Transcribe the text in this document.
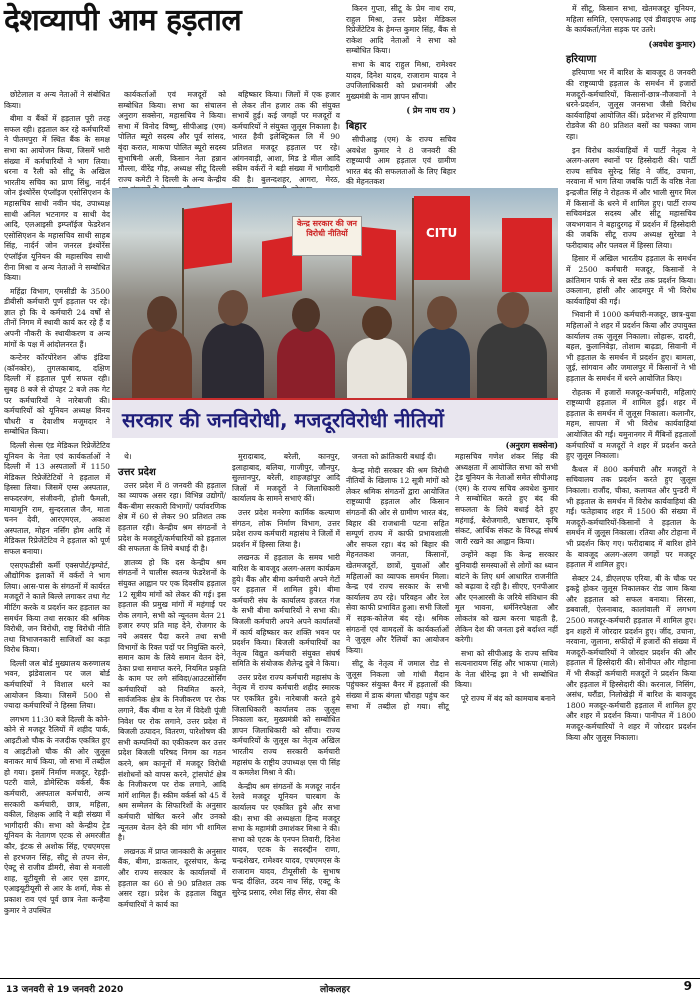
देशव्यापी आम हड़ताल

छोटेलाल व अन्य नेताओं ने संबोधित किया।

बीमा व बैंकों में हड़ताल पूरी तरह सफल रही। हड़ताल कर रहे कर्मचारियों ने पीतमपुरा में स्थित बैंक के समक्ष सभा का आयोजन किया, जिसमें भारी संख्या में कर्मचारियों ने भाग लिया। धरना व रैली को सीटू के अखिल भारतीय सचिव का प्राण सिंधु, नार्दर्न जोन इंश्योरेंस एंप्लॉइज एसोसिएशन के महासचिव साथी नवीन चंद, उपाध्यक्ष साथी अनिल भटनागर व साथी वेद आदि, एलआइसी इम्प्लॉईज फेडरेशन एसोसिएशन के महासचिव साथी साहब सिंह, नार्दर्न जोन जनरल इंश्योरेंस एंप्लॉईज यूनियन की महासचिव साथी रीना मिश्रा व अन्य नेताओं ने सम्बोधित किया।

महिंद्रा विभाग, एमसीडी के 3500 डीबीसी कर्मचारी पूर्ण हड़ताल पर रहे। ज्ञात हो कि ये कर्मचारी 24 वर्षों से तीनों निगम में स्थायी कार्य कर रहे हैं व अपनी नौकरी के स्थायीकरण व अन्य मांगों के पक्ष में आंदोलनरत हैं।

कन्टेनर कॉरपोरेशन ऑफ इंडिया (कॉनकोर), तुगलकाबाद, दक्षिण दिल्ली में हड़ताल पूर्ण सफल रही। सुबह 8 बजे से दोपहर 2 बजे तक गेट पर कर्मचारियों ने नारेबाजी की। कर्मचारियों को यूनियन अध्यक्ष विनय चौधरी व देवाशीष मजूमदार ने सम्बोधित किया।

दिल्ली सेल्स एंड मेडिकल रिप्रेजेंटेटिव यूनियन के नेता एवं कार्यकर्ताओं ने दिल्ली में 13 अस्पतालों में 1150 मेडिकल रिप्रेजेंटेटिवों ने हड़ताल में हिस्सा लिया। जिसमें एम्स अस्पताल, सफदरजंग, संजीवनी, होली फैमली, मायामूनि राम, सुन्दरलाल जैन, माता चनन देवी, आरएमएल, अकाश अस्पताल, मोहन नर्सिंग होम आदि में मेडिकल रिप्रेजेंटेटिव ने हड़ताल को पूर्ण सफल बनाया।

एसएफडीसी कर्मी एक्सपोर्ट/इम्पोर्ट, औद्योगिक इलाकों में वर्करों ने भाग लिया। आस-पास के संगठनों में कार्यरत मजदूरों ने काले बिल्ले लगाकर तथा गेट मीटिंग करके व प्रदर्शन कर हड़ताल का समर्थन किया तथा सरकार की श्रमिक विरोधी, जन विरोधी, राष्ट्र विरोधी नीति तथा विभाजनकारी साजिशों का कड़ा विरोध किया।

दिल्ली जल बोर्ड मुख्यालय करुणालय भवन, झंडेवालान पर जल बोर्ड कर्मचारियों ने विशाल धरने का आयोजन किया। जिसमें 500 से ज्यादा कर्मचारियों ने हिस्सा लिया।

लगभग 11:30 बजे दिल्ली के कोने-कोने से मजदूर रैलियों में शहीद पार्क, आइटीओ चौक के नजदीक एकत्रित हुए व आइटीओ चौक की ओर जुलूस बनाकर मार्च किया, जो सभा में तब्दील हो गया। इसमें निर्माण मजदूर, रेहड़ी-पटरी वाले, डोमेस्टिक वर्कर्स, बैंक कर्मचारी, अस्पताल कर्मचारी, अन्य सरकारी कर्मचारी, छात्र, महिला, वकील, शिक्षक आदि ने बड़ी संख्या में भागीदारी की। सभा को केन्द्रीय ट्रेड यूनियन के नेतागण एटक से अमरजीत कौर, इंटक से अशोक सिंह, एचएमएस से हरभजन सिंह, सीटू से तपन सेन, ऐक्टू से राजीव डीमरी, सेवा से मनाली शाह, यूटीयूसी से आर एस डागर, एआइयूटीयूसी से आर के शर्मा, मेक से प्रकाश राव एवं पूर्व छात्र नेता कन्हैया कुमार ने उपस्थित

कार्यकर्ताओं एवं मजदूरों को सम्बोधित किया। सभा का संचालन अनुराग सक्सेना, महासचिव ने किया। सभा में विनोद विष्णु, सीपीआइ (एम) पोलित ब्यूरो सदस्य और पूर्व सांसद, बृंदा करात, माकपा पोलित ब्यूरो सदस्य सुभाषिनी अली, किसान नेता हन्नान मौल्ला, वीरेंद्र गौड़, अध्यक्ष सीटू दिल्ली राज्य कमेटी ने दिल्ली के अन्य केन्द्रीय

बहिष्कार किया। जिलों में एक हजार से लेकर तीन हजार तक की संयुक्त सभायें हुई। कई जगहों पर मजदूरों व कर्मचारियों ने संयुक्त जुलूस निकाला है। भारत हैवी इलेक्ट्रिकल लि में 90 प्रतिशत मजदूर हड़ताल पर रहे। आंगनवाड़ी, आशा, मिड डे मील आदि स्कीम वर्करों ने बड़ी संख्या में भागीदारी की है। बुलन्दशहर, आगरा, मेरठ,

किरन गुप्ता, सीटू के प्रेम नाथ राय, राहुल मिश्रा, उत्तर प्रदेश मेडिकल रिप्रेजेंटेटिव के हेमन्त कुमार सिंह, बैंक से राकेश आदि नेताओं ने सभा को सम्बोधित किया।

सभा के बाद राहुल मिश्रा, रामेश्वर यादव, दिनेश यादव, राजाराम यादव ने उपजिलाधिकारी को प्रधानमंत्री और मुख्यमंत्री के नाम ज्ञापन सौंपा।

( प्रेम नाथ राय )
बिहार

सीपीआइ (एम) के राज्य सचिव अवधेश कुमार ने 8 जनवरी की राष्ट्रव्यापी आम हड़ताल एवं ग्रामीण भारत बंद की सफलताओं के लिए बिहार की मेहनतकश

में सीटू, किसान सभा, खेतमजदूर यूनियन, महिला समिति, एसएफआइ एवं डीवाइएफ आइ के कार्यकर्ता/नेता सड़क पर उतरे।

(अवधेश कुमार)
हरियाणा

हरियाणा भर में बारिश के बावजूद 8 जनवरी की राष्ट्रव्यापी हड़ताल के समर्थन में हजारों मजदूरों-कर्मचारियों, किसानों-छात्र-नौजवानों ने धरने-प्रदर्शन, जुलूस जनसभा जैसी विरोध कार्यवाहियां आयोजित कीं। प्रदेशभर में हरियाणा रोडवेज की 80 प्रतिशत बसों का चक्का जाम रहा।

इन विरोध कार्यवाहियों में पार्टी नेतृत्व ने अलग-अलग स्थानों पर हिस्सेदारी की। पार्टी राज्य सचिव सुरेन्द्र सिंह ने जींद, उचाना, नरवाना में भाग लिया जबकि पार्टी के वरिष्ठ नेता इन्द्रजीत सिंह ने रोहतक में और भाली सुगर मिल में किसानों के धरने में शामिल हुए। पार्टी राज्य सचिवमंडल सदस्य और सीटू महासचिव जयभगवान ने बहादुरगढ़ में प्रदर्शन में हिस्सेदारी की जबकि सीटू राज्य अध्यक्ष सुरेखा ने फरीदाबाद और पलवल में हिस्सा लिया।

हिसार में अखिल भारतीय हड़ताल के समर्थन में 2500 कर्मचारी मजदूर, किसानों ने क्रांतिमान पार्क से बस स्टेंड तक प्रदर्शन किया। उकलाना, हांसी और आदमपुर में भी विरोध कार्यवाहियां की गईं।

भिवानी में 1000 कर्मचारी-मजदूर, छात्र-युवा महिलाओं ने शहर में प्रदर्शन किया और उपायुक्त कार्यालय तक जुलूस निकाला। लोहारू, दादरी, बहल, कुलानिवेड़ा, तोशाम बाढ़डा, सिवानी में भी हड़ताल के समर्थन में प्रदर्शन हुए। बामला, जुई, सांगवान और जमालपुर में किसानों ने भी हड़ताल के समर्थन में धरने आयोजित किए।

रोहतक में हजारों मजदूर-कर्मचारी, महिलाएं राष्ट्रव्यापी हड़ताल में शामिल हुईं। शहर में हड़ताल के समर्थन में जुलूस निकाला। कलानौर, महम, सापला में भी विरोध कार्यवाहियां आयोजित की गईं। यमुनानगर में मैंबिनों हड़तालों कर्मचारियों व मजदूरों ने शहर में प्रदर्शन करते हुए जुलूस निकाला।

कैथल में 800 कर्मचारी और मजदूरों ने सचिवालय तक प्रदर्शन करते हुए जुलूस निकाला। राजौंद, चीका, कलायत और पुन्डरी में भी हड़ताल के समर्थन में विरोध कार्यवाहियां की गईं। फतेहाबाद शहर में 1500 की संख्या में मजदूरों-कर्मचारियों-किसानों ने हड़ताल के समर्थन में जुलूस निकाला। रतिया और टोहाना में भी प्रदर्शन किए गए। फरीदाबाद में बारिश होने के बावजूद अलग-अलग जगहों पर मजदूर हड़ताल में शामिल हुए।

सेक्टर 24, डीएलएफ एरिया, बी के चौक पर इकट्ठे होकर जुलूस निकालकर रोड जाम किया और हड़ताल को सफल बनाया। सिरसा, डबवाली, ऐलनाबाद, कालांवाली में लगभग 2500 मजदूर-कर्मचारी हड़ताल में शामिल हुए। इन शहरों में जोरदार प्रदर्शन हुए। जींद, उचाना, नरवाना, जुलाना, सफीदों में हजारों की संख्या में मजदूरों-कर्मचारियों ने जोरदार प्रदर्शन की और हड़ताल में हिस्सेदारी की। सोनीपत और गोहाना में भी सैकड़ों कर्मचारी मजदूरों ने प्रदर्शन किया और हड़ताल में हिस्सेदारी की। करनाल, निसिंग, असंध, घरौंडा, निलोखेड़ी में बारिश के बावजूद 1800 मजदूर-कर्मचारी हड़ताल में शामिल हुए और शहर में प्रदर्शन किया। पानीपत में 1800 मजदूर-कर्मचारियों ने शहर में जोरदार प्रदर्शन किया और जुलूस निकाला।

CITU
केन्द्र सरकार की जन विरोधी नीतियों
सरकार की जनविरोधी, मजदूरविरोधी नीतियों
(अनुराग सक्सेना)

थे।

उत्तर प्रदेश

उत्तर प्रदेश में 8 जनवरी की हड़ताल का व्यापक असर रहा। विभिन्न उद्योगों/बैंक-बीमा सरकारी विभागों/ पर्यावरणिक क्षेत्र में 60 से लेकर 90 प्रतिशत तक हड़ताल रही। केन्द्रीय श्रम संगठनों ने प्रदेश के मजदूरों/कर्मचारियों को हड़ताल की सफलता के लिये बधाई दी है।

ज्ञातव्य हो कि दस केन्द्रीय श्रम संगठनों ने चालीस स्वतन्त्र फेडरेशनों के संयुक्त आह्वान पर एक दिवसीय हड़ताल 12 सूत्रीय मांगों को लेकर की गई। इस हड़ताल की प्रमुख मांगों में महंगाई पर रोक लगाने, सभी को न्यूनतम वेतन 21 हजार रुपए प्रति माह देने, रोजगार के नये अवसर पैदा करने तथा सभी विभागों के रिक्त पदों पर नियुक्ति करने, समान काम के लिये समान वेतन देने, ठेका प्रथा समाप्त करने, नियमित प्रकृति के काम पर लगे संविदा/आउटसोर्सिंग कर्मचारियों को नियमित करने, सार्वजनिक क्षेत्र के निजीकरण पर रोक लगाने, बैंक बीमा व रेल में विदेशी पूंजी निवेश पर रोक लगाने, उत्तर प्रदेश में बिजली उत्पादन, वितरण, पारेशोषण की सभी कम्पनियों का एकीकरण कर उत्तर प्रदेश बिजली परिषद निगम का गठन करने, श्रम कानूनों में मजदूर विरोधी संशोधनों को वापस करने, ट्रांसपोर्ट क्षेत्र के निजीकरण पर रोक लगाने, आदि मांगें शामिल हैं। स्कीम वर्कर्स को 45 वें श्रम सम्मेलन के सिफारिशों के अनुसार कर्मचारी घोषित करने और उनको न्यूनतम वेतन देने की मांग भी शामिल है।

लखनऊ में प्राप्त जानकारी के अनुसार बैंक, बीमा, डाकतार, दूरसंचार, केन्द्र और राज्य सरकार के कार्यालयों में हड़ताल का 60 से 90 प्रतिशत तक असर रहा। प्रदेश के हड़ताल विद्युत कर्मचारियों ने कार्य का

मुरादाबाद, बरेली, कानपुर, इलाहाबाद, बलिया, गाजीपुर, जौनपुर, सुल्तानपुर, बरेली, शाहजहांपुर आदि जिलों में मजदूरों ने जिलाधिकारी कार्यालय के सामने सभाएं कीं।

उत्तर प्रदेश मनरेगा कार्मिक कल्याण संगठन, लोक निर्माण विभाग, उत्तर प्रदेश राज्य कर्मचारी महासंघ ने जिलों में प्रदर्शन में हिस्सा लिया है।

लखनऊ में हड़ताल के समय भारी बारिश के बावजूद अलग-अलग कार्यक्रम हुये। बैंक और बीमा कर्मचारी अपने गेटों पर हड़ताल में शामिल हुये। बीमा कर्मचारी संघ के कार्यालय हजरत गंज के सभी बीमा कर्मचारियों ने सभा की। बिजली कर्मचारी अपने अपने कार्यालयों में कार्य बहिष्कार कर शक्ति भवन पर प्रदर्शन किया। बिजली कर्मचारियों का नेतृत्व विद्युत कर्मचारी संयुक्त संघर्ष समिति के संयोजक शैलेन्द्र दुबे ने किया।

उत्तर प्रदेश राज्य कर्मचारी महासंघ के नेतृत्व में राज्य कर्मचारी शहीद स्मारक पर एकत्रित हुये। नारेबाजी करते हुये जिलाधिकारी कार्यालय तक जुलूस निकाला कर, मुख्यमंत्री को सम्बोधित ज्ञापन जिलाधिकारी को सौंपा। राज्य कर्मचारियों के जुलूस का नेतृत्व अखिल भारतीय राज्य सरकारी कर्मचारी महासंघ के राष्ट्रीय उपाध्यक्ष एस पी सिंह व कमलेश मिश्रा ने की।

केन्द्रीय श्रम संगठनों के मजदूर नार्दन रेलवे मजदूर यूनियन चारबाग के कार्यालय पर एकत्रित हुये और सभा की। सभा की अध्यक्षता हिन्द मजदूर सभा के महामंत्री उमाशंकर मिश्रा ने की। सभा को एटक के एनपन तिवारी, दिनेश यादव, एटक के सदरुद्दीन राणा, चन्द्रशेखर, रामेश्वर यादव, एचएमएस के राजाराम यादव, टीयूसीसी के सुभाष चन्द्र दीक्षित, उदय नाथ सिंह, एक्टू के सुरेन्द्र प्रसाद, रमेश सिंह सेंगर, सेवा की

जनता को क्रांतिकारी बधाई दी।

केन्द्र मोदी सरकार की श्रम विरोधी नीतियों के खिलाफ 12 सूत्री मांगों को लेकर श्रमिक संगठनों द्वारा आयोजित राष्ट्रव्यापी हड़ताल और किसान संगठनों की ओर से ग्रामीण भारत बंद, बिहार की राजधानी पटना सहित सम्पूर्ण राज्य में काफी प्रभावशाली और सफल रहा। बंद को बिहार की मेहनतकश जनता, किसानों, खेतमजदूरों, छात्रों, युवाओं और महिलाओं का व्यापक समर्थन मिला। केन्द्र एवं राज्य सरकार के सभी कार्यालय ठप रहे। परिवहन और रेल सेवा काफी प्रभावित हुआ। सभी जिलों में सड़क-कोलेज बंद रहे। श्रमिक संगठनों एवं वामदलों के कार्यकर्ताओं ने जुलूस और रैलियों का आयोजन किया।

सीटू के नेतृत्व में जमाल रोड से जुलूस निकला जो गांधी मैदान पहुंचकर संयुक्त बैनर में हड़तालों की संख्या में डाक बंगला चौराहा पहुंच कर सभा में तब्दील हो गया। सीटू महासचिव गणेश शंकर सिंह की अध्यक्षता में आयोजित सभा को सभी ट्रेड यूनियन के नेताओं समेत सीपीआइ (एम) के राज्य सचिव अवधेश कुमार ने सम्बोधित करते हुए बंद की सफलता के लिये बधाई देते हुए महंगाई, बेरोजगारी, भ्रष्टाचार, कृषि संकट, आर्थिक संकट के विरुद्ध संघर्ष जारी रखने का आह्वान किया।

उन्होंने कहा कि केन्द्र सरकार बुनियादी समस्याओं से लोगों का ध्यान बांटने के लिए धर्म आधारित राजनीति को बढ़ावा दे रही है। सीएए, एनपीआर और एनआरसी के जरिये संविधान की मूल भावना, धर्मनिरपेक्षता और लोकतंत्र को खत्म करना चाहती है, लेकिन देश की जनता इसे बर्दाश्त नहीं करेगी।

सभा को सीपीआइ के राज्य सचिव सत्यनारायण सिंह और भाकपा (माले) के नेता धीरेन्द्र झा ने भी सम्बोधित किया।

पूरे राज्य में बंद को कामयाब बनाने

13 जनवरी से 19 जनवरी 2020	लोकलहर	9
